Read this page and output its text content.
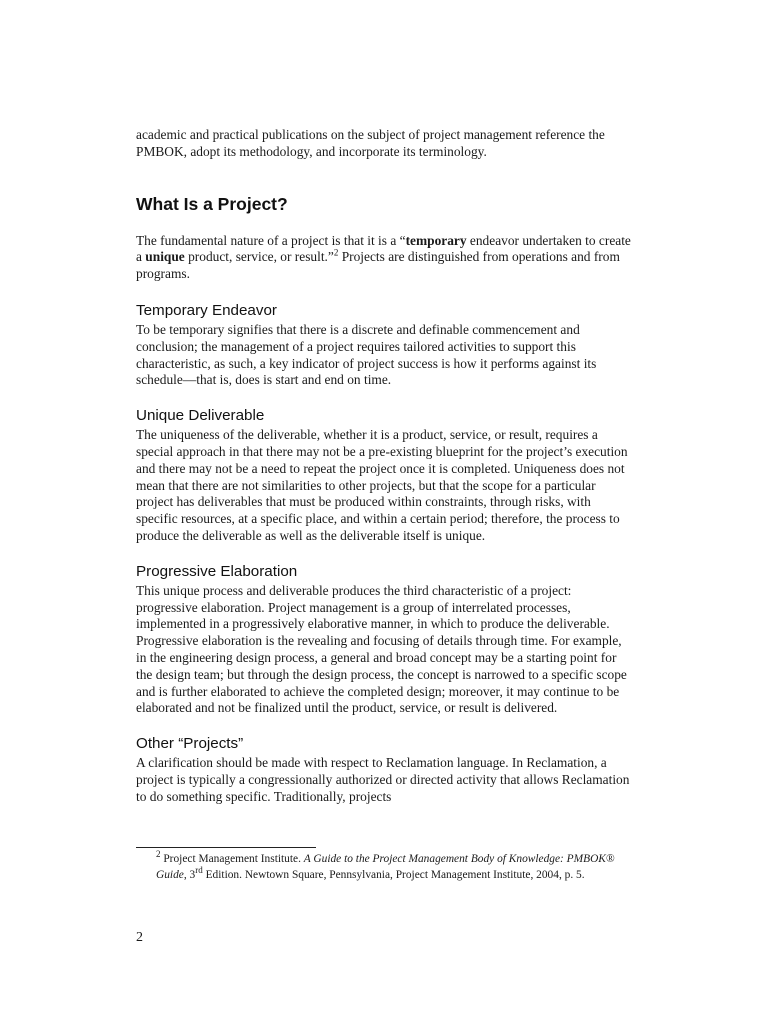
academic and practical publications on the subject of project management reference the PMBOK, adopt its methodology, and incorporate its terminology.

What Is a Project?

The fundamental nature of a project is that it is a “temporary endeavor undertaken to create a unique product, service, or result.”$^2$ Projects are distinguished from operations and from programs.

Temporary Endeavor

To be temporary signifies that there is a discrete and definable commencement and conclusion; the management of a project requires tailored activities to support this characteristic, as such, a key indicator of project success is how it performs against its schedule—that is, does is start and end on time.

Unique Deliverable

The uniqueness of the deliverable, whether it is a product, service, or result, requires a special approach in that there may not be a pre-existing blueprint for the project’s execution and there may not be a need to repeat the project once it is completed. Uniqueness does not mean that there are not similarities to other projects, but that the scope for a particular project has deliverables that must be produced within constraints, through risks, with specific resources, at a specific place, and within a certain period; therefore, the process to produce the deliverable as well as the deliverable itself is unique.

Progressive Elaboration

This unique process and deliverable produces the third characteristic of a project: progressive elaboration. Project management is a group of interrelated processes, implemented in a progressively elaborative manner, in which to produce the deliverable. Progressive elaboration is the revealing and focusing of details through time. For example, in the engineering design process, a general and broad concept may be a starting point for the design team; but through the design process, the concept is narrowed to a specific scope and is further elaborated to achieve the completed design; moreover, it may continue to be elaborated and not be finalized until the product, service, or result is delivered.

Other “Projects”

A clarification should be made with respect to Reclamation language. In Reclamation, a project is typically a congressionally authorized or directed activity that allows Reclamation to do something specific. Traditionally, projects

$^2$ Project Management Institute. A Guide to the Project Management Body of Knowledge: PMBOK® Guide, 3rd Edition. Newtown Square, Pennsylvania, Project Management Institute, 2004, p. 5.
2
